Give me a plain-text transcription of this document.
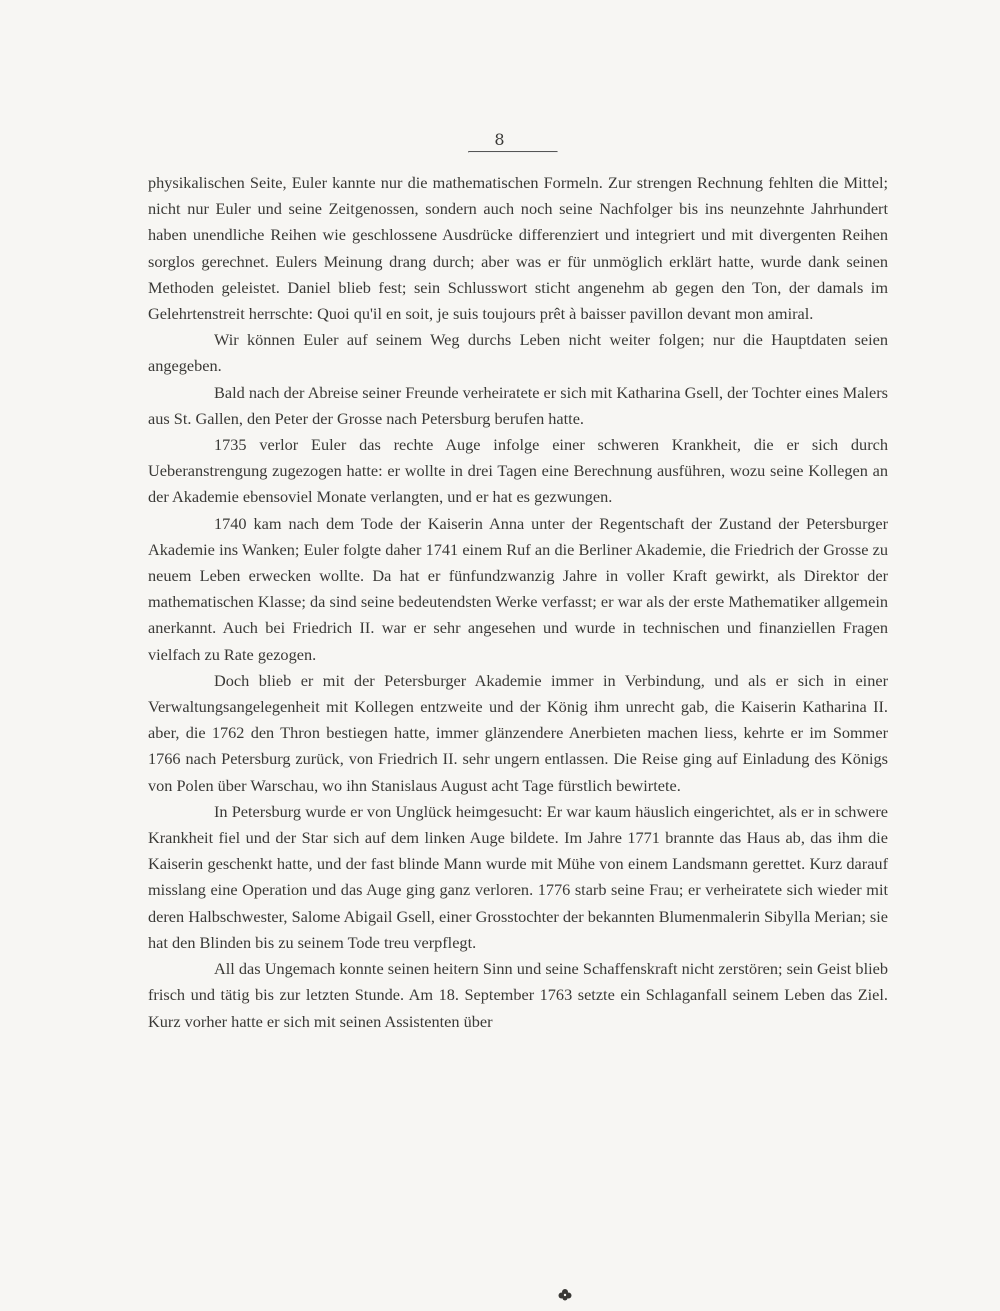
8

physikalischen Seite, Euler kannte nur die mathematischen Formeln. Zur strengen Rechnung fehlten die Mittel; nicht nur Euler und seine Zeitgenossen, sondern auch noch seine Nachfolger bis ins neunzehnte Jahrhundert haben unendliche Reihen wie geschlossene Ausdrücke differenziert und integriert und mit divergenten Reihen sorglos gerechnet. Eulers Meinung drang durch; aber was er für unmöglich erklärt hatte, wurde dank seinen Methoden geleistet. Daniel blieb fest; sein Schlusswort sticht angenehm ab gegen den Ton, der damals im Gelehrtenstreit herrschte: Quoi qu'il en soit, je suis toujours prêt à baisser pavillon devant mon amiral.

Wir können Euler auf seinem Weg durchs Leben nicht weiter folgen; nur die Hauptdaten seien angegeben.

Bald nach der Abreise seiner Freunde verheiratete er sich mit Katharina Gsell, der Tochter eines Malers aus St. Gallen, den Peter der Grosse nach Petersburg berufen hatte.

1735 verlor Euler das rechte Auge infolge einer schweren Krankheit, die er sich durch Ueberanstrengung zugezogen hatte: er wollte in drei Tagen eine Berechnung ausführen, wozu seine Kollegen an der Akademie ebensoviel Monate verlangten, und er hat es gezwungen.

1740 kam nach dem Tode der Kaiserin Anna unter der Regentschaft der Zustand der Petersburger Akademie ins Wanken; Euler folgte daher 1741 einem Ruf an die Berliner Akademie, die Friedrich der Grosse zu neuem Leben erwecken wollte. Da hat er fünfundzwanzig Jahre in voller Kraft gewirkt, als Direktor der mathematischen Klasse; da sind seine bedeutendsten Werke verfasst; er war als der erste Mathematiker allgemein anerkannt. Auch bei Friedrich II. war er sehr angesehen und wurde in technischen und finanziellen Fragen vielfach zu Rate gezogen.

Doch blieb er mit der Petersburger Akademie immer in Verbindung, und als er sich in einer Verwaltungsangelegenheit mit Kollegen entzweite und der König ihm unrecht gab, die Kaiserin Katharina II. aber, die 1762 den Thron bestiegen hatte, immer glänzendere Anerbieten machen liess, kehrte er im Sommer 1766 nach Petersburg zurück, von Friedrich II. sehr ungern entlassen. Die Reise ging auf Einladung des Königs von Polen über Warschau, wo ihn Stanislaus August acht Tage fürstlich bewirtete.

In Petersburg wurde er von Unglück heimgesucht: Er war kaum häuslich eingerichtet, als er in schwere Krankheit fiel und der Star sich auf dem linken Auge bildete. Im Jahre 1771 brannte das Haus ab, das ihm die Kaiserin geschenkt hatte, und der fast blinde Mann wurde mit Mühe von einem Landsmann gerettet. Kurz darauf misslang eine Operation und das Auge ging ganz verloren. 1776 starb seine Frau; er verheiratete sich wieder mit deren Halbschwester, Salome Abigail Gsell, einer Grosstochter der bekannten Blumenmalerin Sibylla Merian; sie hat den Blinden bis zu seinem Tode treu verpflegt.

All das Ungemach konnte seinen heitern Sinn und seine Schaffenskraft nicht zerstören; sein Geist blieb frisch und tätig bis zur letzten Stunde. Am 18. September 1763 setzte ein Schlaganfall seinem Leben das Ziel. Kurz vorher hatte er sich mit seinen Assistenten über
